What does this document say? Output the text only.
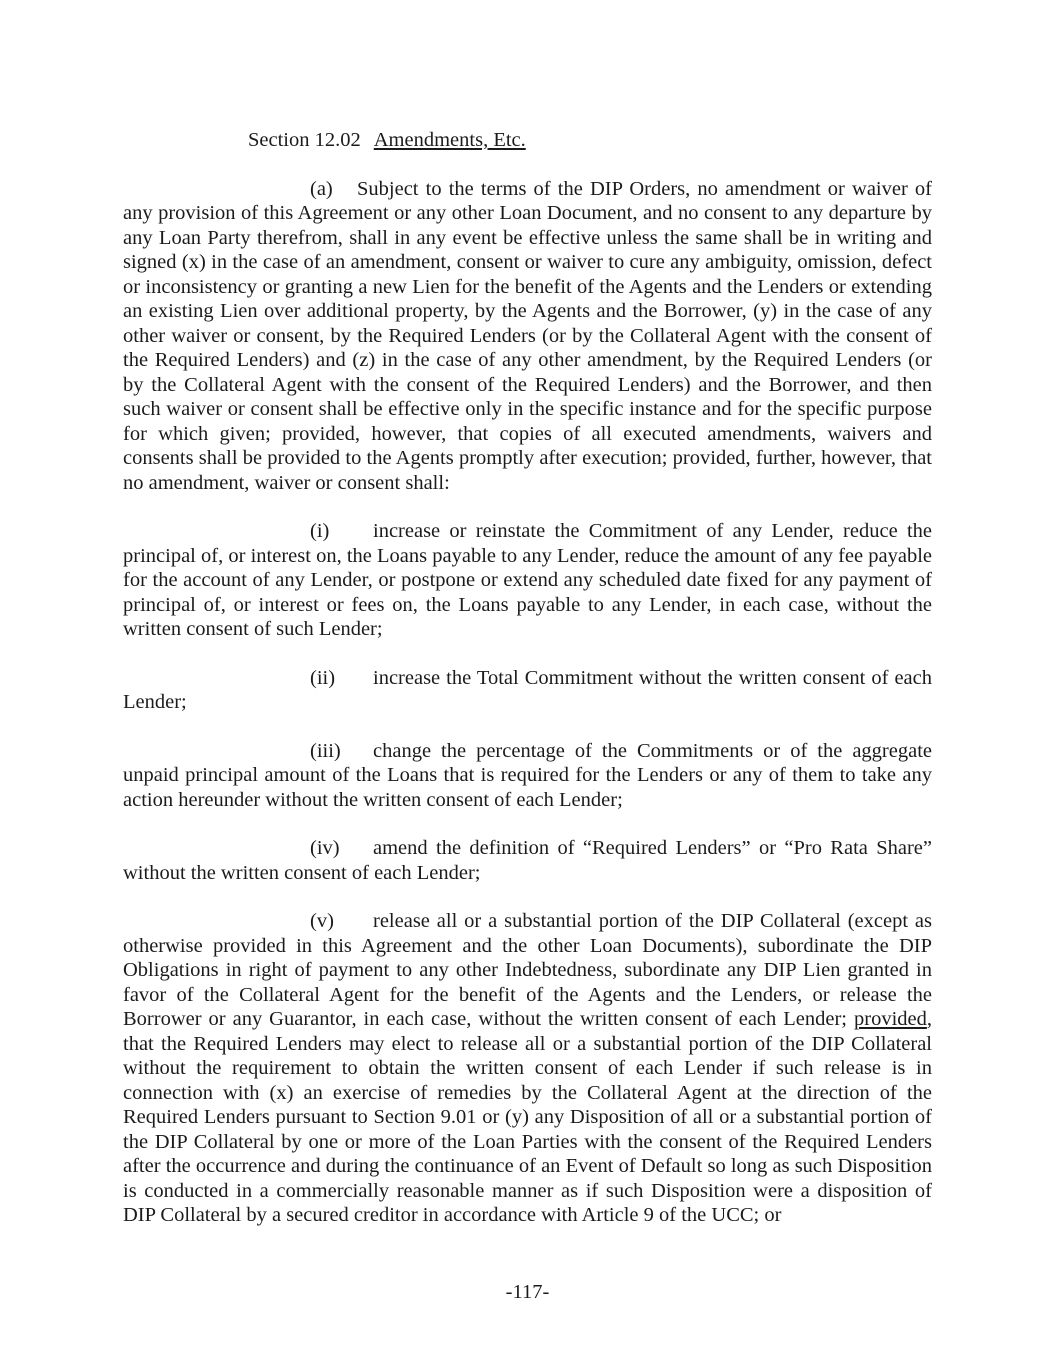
Section 12.02 Amendments, Etc.

(a) Subject to the terms of the DIP Orders, no amendment or waiver of any provision of this Agreement or any other Loan Document, and no consent to any departure by any Loan Party therefrom, shall in any event be effective unless the same shall be in writing and signed (x) in the case of an amendment, consent or waiver to cure any ambiguity, omission, defect or inconsistency or granting a new Lien for the benefit of the Agents and the Lenders or extending an existing Lien over additional property, by the Agents and the Borrower, (y) in the case of any other waiver or consent, by the Required Lenders (or by the Collateral Agent with the consent of the Required Lenders) and (z) in the case of any other amendment, by the Required Lenders (or by the Collateral Agent with the consent of the Required Lenders) and the Borrower, and then such waiver or consent shall be effective only in the specific instance and for the specific purpose for which given; provided, however, that copies of all executed amendments, waivers and consents shall be provided to the Agents promptly after execution; provided, further, however, that no amendment, waiver or consent shall:

(i) increase or reinstate the Commitment of any Lender, reduce the principal of, or interest on, the Loans payable to any Lender, reduce the amount of any fee payable for the account of any Lender, or postpone or extend any scheduled date fixed for any payment of principal of, or interest or fees on, the Loans payable to any Lender, in each case, without the written consent of such Lender;

(ii) increase the Total Commitment without the written consent of each Lender;

(iii) change the percentage of the Commitments or of the aggregate unpaid principal amount of the Loans that is required for the Lenders or any of them to take any action hereunder without the written consent of each Lender;

(iv) amend the definition of “Required Lenders” or “Pro Rata Share” without the written consent of each Lender;

(v) release all or a substantial portion of the DIP Collateral (except as otherwise provided in this Agreement and the other Loan Documents), subordinate the DIP Obligations in right of payment to any other Indebtedness, subordinate any DIP Lien granted in favor of the Collateral Agent for the benefit of the Agents and the Lenders, or release the Borrower or any Guarantor, in each case, without the written consent of each Lender; provided, that the Required Lenders may elect to release all or a substantial portion of the DIP Collateral without the requirement to obtain the written consent of each Lender if such release is in connection with (x) an exercise of remedies by the Collateral Agent at the direction of the Required Lenders pursuant to Section 9.01 or (y) any Disposition of all or a substantial portion of the DIP Collateral by one or more of the Loan Parties with the consent of the Required Lenders after the occurrence and during the continuance of an Event of Default so long as such Disposition is conducted in a commercially reasonable manner as if such Disposition were a disposition of DIP Collateral by a secured creditor in accordance with Article 9 of the UCC; or

-117-
